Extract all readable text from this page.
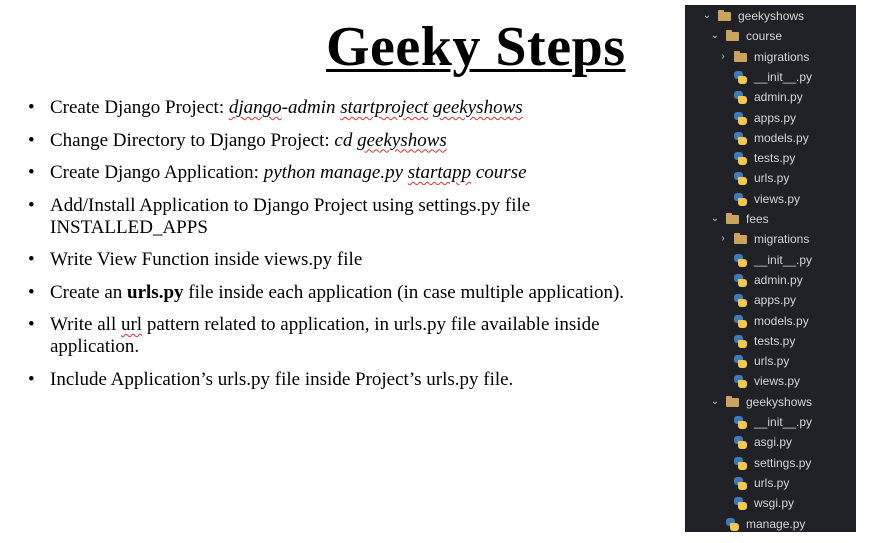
Geeky Steps
• Create Django Project: django-admin startproject geekyshows
• Change Directory to Django Project: cd geekyshows
• Create Django Application: python manage.py startapp course
• Add/Install Application to Django Project using settings.py file
INSTALLED_APPS
• Write View Function inside views.py file
• Create an urls.py file inside each application (in case multiple application).
• Write all url pattern related to application, in urls.py file available inside
application.
• Include Application’s urls.py file inside Project’s urls.py file.
⌄ geekyshows
⌄ course
› migrations
__init__.py
admin.py
apps.py
models.py
tests.py
urls.py
views.py
⌄ fees
› migrations
__init__.py
admin.py
apps.py
models.py
tests.py
urls.py
views.py
⌄ geekyshows
__init__.py
asgi.py
settings.py
urls.py
wsgi.py
manage.py
